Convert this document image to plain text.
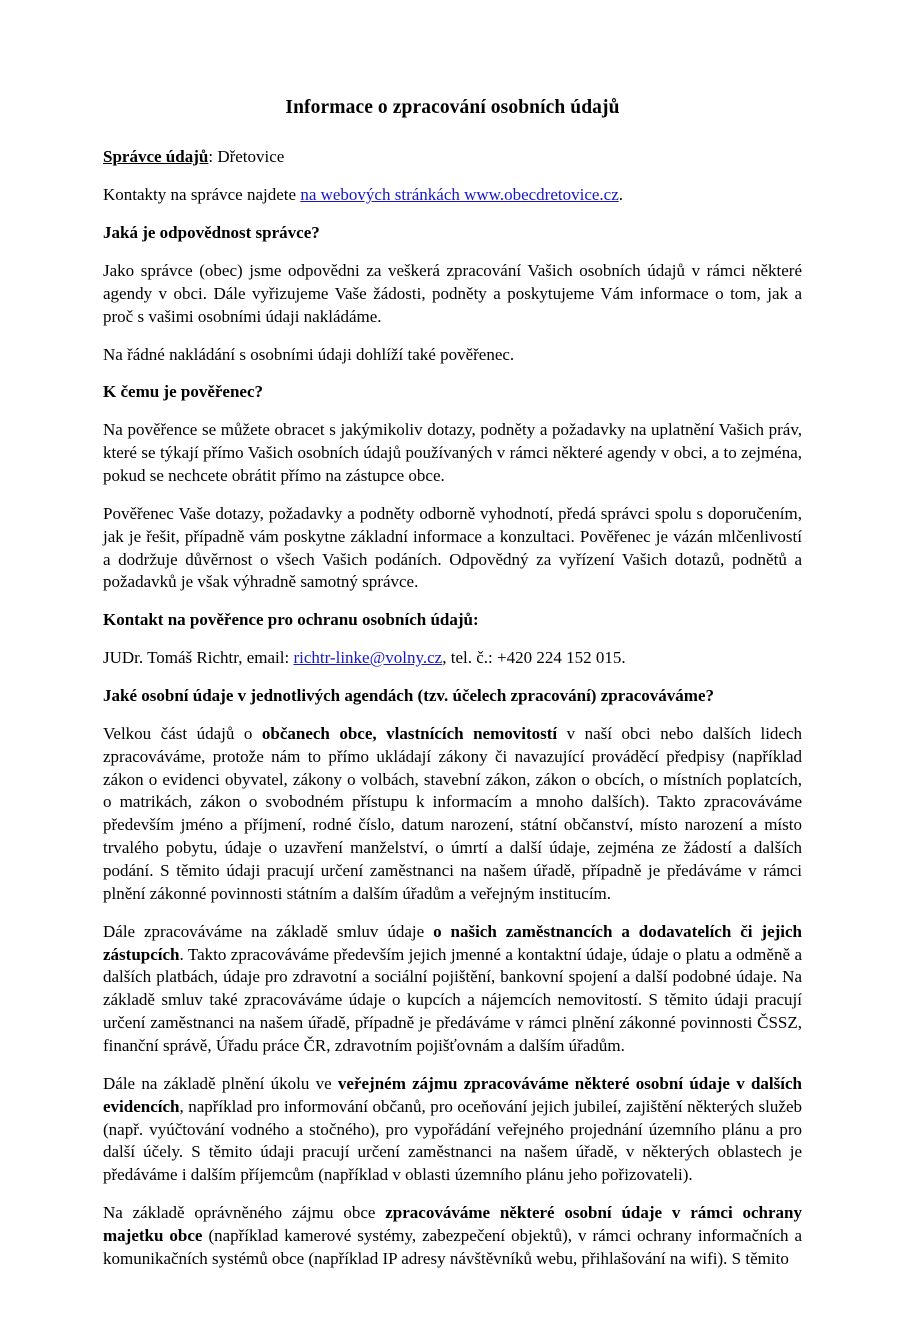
Informace o zpracování osobních údajů

Správce údajů: Dřetovice

Kontakty na správce najdete na webových stránkách www.obecdretovice.cz.

Jaká je odpovědnost správce?

Jako správce (obec) jsme odpovědni za veškerá zpracování Vašich osobních údajů v rámci některé agendy v obci. Dále vyřizujeme Vaše žádosti, podněty a poskytujeme Vám informace o tom, jak a proč s vašimi osobními údaji nakládáme.

Na řádné nakládání s osobními údaji dohlíží také pověřenec.

K čemu je pověřenec?

Na pověřence se můžete obracet s jakýmikoliv dotazy, podněty a požadavky na uplatnění Vašich práv, které se týkají přímo Vašich osobních údajů používaných v rámci některé agendy v obci, a to zejména, pokud se nechcete obrátit přímo na zástupce obce.

Pověřenec Vaše dotazy, požadavky a podněty odborně vyhodnotí, předá správci spolu s doporučením, jak je řešit, případně vám poskytne základní informace a konzultaci. Pověřenec je vázán mlčenlivostí a dodržuje důvěrnost o všech Vašich podáních. Odpovědný za vyřízení Vašich dotazů, podnětů a požadavků je však výhradně samotný správce.

Kontakt na pověřence pro ochranu osobních údajů:

JUDr. Tomáš Richtr, email: richtr-linke@volny.cz, tel. č.: +420 224 152 015.

Jaké osobní údaje v jednotlivých agendách (tzv. účelech zpracování) zpracováváme?

Velkou část údajů o občanech obce, vlastnících nemovitostí v naší obci nebo dalších lidech zpracováváme, protože nám to přímo ukládají zákony či navazující prováděcí předpisy (například zákon o evidenci obyvatel, zákony o volbách, stavební zákon, zákon o obcích, o místních poplatcích, o matrikách, zákon o svobodném přístupu k informacím a mnoho dalších). Takto zpracováváme především jméno a příjmení, rodné číslo, datum narození, státní občanství, místo narození a místo trvalého pobytu, údaje o uzavření manželství, o úmrtí a další údaje, zejména ze žádostí a dalších podání. S těmito údaji pracují určení zaměstnanci na našem úřadě, případně je předáváme v rámci plnění zákonné povinnosti státním a dalším úřadům a veřejným institucím.

Dále zpracováváme na základě smluv údaje o našich zaměstnancích a dodavatelích či jejich zástupcích. Takto zpracováváme především jejich jmenné a kontaktní údaje, údaje o platu a odměně a dalších platbách, údaje pro zdravotní a sociální pojištění, bankovní spojení a další podobné údaje. Na základě smluv také zpracováváme údaje o kupcích a nájemcích nemovitostí. S těmito údaji pracují určení zaměstnanci na našem úřadě, případně je předáváme v rámci plnění zákonné povinnosti ČSSZ, finanční správě, Úřadu práce ČR, zdravotním pojišťovnám a dalším úřadům.

Dále na základě plnění úkolu ve veřejném zájmu zpracováváme některé osobní údaje v dalších evidencích, například pro informování občanů, pro oceňování jejich jubileí, zajištění některých služeb (např. vyúčtování vodného a stočného), pro vypořádání veřejného projednání územního plánu a pro další účely. S těmito údaji pracují určení zaměstnanci na našem úřadě, v některých oblastech je předáváme i dalším příjemcům (například v oblasti územního plánu jeho pořizovateli).

Na základě oprávněného zájmu obce zpracováváme některé osobní údaje v rámci ochrany majetku obce (například kamerové systémy, zabezpečení objektů), v rámci ochrany informačních a komunikačních systémů obce (například IP adresy návštěvníků webu, přihlašování na wifi). S těmito
